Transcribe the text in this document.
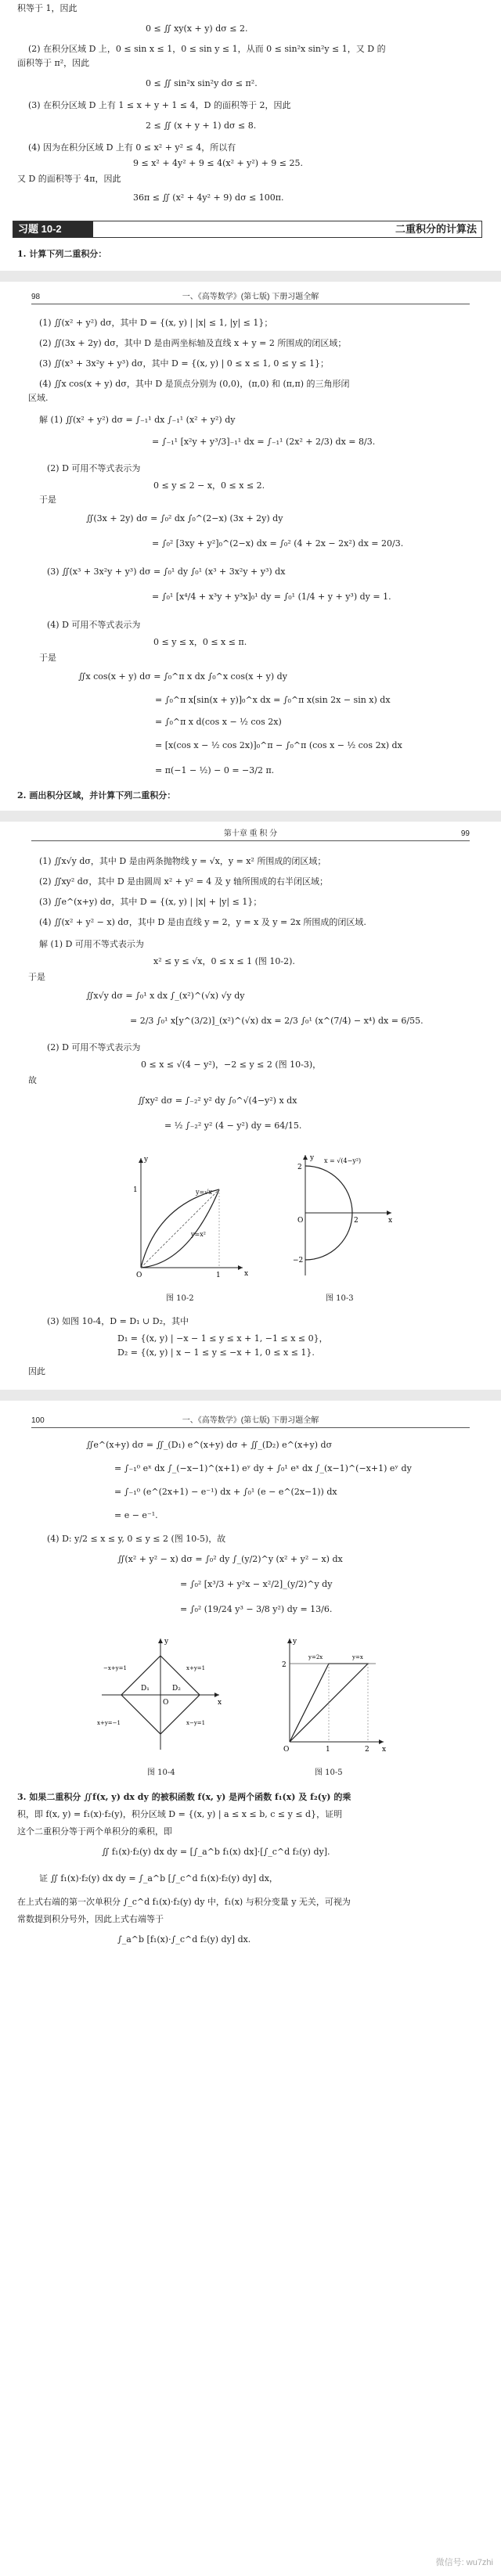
积等于 1，因此
0 ≤ ∬ xy(x + y) dσ ≤ 2.
(2) 在积分区域 D 上，0 ≤ sin x ≤ 1，0 ≤ sin y ≤ 1，从而 0 ≤ sin²x sin²y ≤ 1，又 D 的
面积等于 π²，因此
0 ≤ ∬ sin²x sin²y dσ ≤ π².
(3) 在积分区域 D 上有 1 ≤ x + y + 1 ≤ 4，D 的面积等于 2，因此
2 ≤ ∬ (x + y + 1) dσ ≤ 8.
(4) 因为在积分区域 D 上有 0 ≤ x² + y² ≤ 4，所以有
9 ≤ x² + 4y² + 9 ≤ 4(x² + y²) + 9 ≤ 25.
又 D 的面积等于 4π，因此
36π ≤ ∬ (x² + 4y² + 9) dσ ≤ 100π.
习题 10-2	二重积分的计算法
1. 计算下列二重积分：
98	一、《高等数学》(第七版) 下册习题全解
(1) ∬(x² + y²) dσ，其中 D = {(x, y) | |x| ≤ 1, |y| ≤ 1}；
(2) ∬(3x + 2y) dσ，其中 D 是由两坐标轴及直线 x + y = 2 所围成的闭区域；
(3) ∬(x³ + 3x²y + y³) dσ，其中 D = {(x, y) | 0 ≤ x ≤ 1, 0 ≤ y ≤ 1}；
(4) ∬x cos(x + y) dσ，其中 D 是顶点分别为 (0,0)，(π,0) 和 (π,π) 的三角形闭
区域.
解 (1) ∬(x² + y²) dσ = ∫₋₁¹ dx ∫₋₁¹ (x² + y²) dy
= ∫₋₁¹ [x²y + y³/3]₋₁¹ dx = ∫₋₁¹ (2x² + 2/3) dx = 8/3.
(2) D 可用不等式表示为
0 ≤ y ≤ 2 − x，0 ≤ x ≤ 2.
于是
∬(3x + 2y) dσ = ∫₀² dx ∫₀^(2−x) (3x + 2y) dy
= ∫₀² [3xy + y²]₀^(2−x) dx = ∫₀² (4 + 2x − 2x²) dx = 20/3.
(3) ∬(x³ + 3x²y + y³) dσ = ∫₀¹ dy ∫₀¹ (x³ + 3x²y + y³) dx
= ∫₀¹ [x⁴/4 + x³y + y³x]₀¹ dy = ∫₀¹ (1/4 + y + y³) dy = 1.
(4) D 可用不等式表示为
0 ≤ y ≤ x，0 ≤ x ≤ π.
于是
∬x cos(x + y) dσ = ∫₀^π x dx ∫₀^x cos(x + y) dy
= ∫₀^π x[sin(x + y)]₀^x dx = ∫₀^π x(sin 2x − sin x) dx
= ∫₀^π x d(cos x − ½ cos 2x)
= [x(cos x − ½ cos 2x)]₀^π − ∫₀^π (cos x − ½ cos 2x) dx
= π(−1 − ½) − 0 = −3/2 π.
2. 画出积分区域，并计算下列二重积分：
第十章 重 积 分	99
(1) ∬x√y dσ，其中 D 是由两条抛物线 y = √x，y = x² 所围成的闭区域；
(2) ∬xy² dσ，其中 D 是由圆周 x² + y² = 4 及 y 轴所围成的右半闭区域；
(3) ∬e^(x+y) dσ，其中 D = {(x, y) | |x| + |y| ≤ 1}；
(4) ∬(x² + y² − x) dσ，其中 D 是由直线 y = 2，y = x 及 y = 2x 所围成的闭区域.
解 (1) D 可用不等式表示为
x² ≤ y ≤ √x，0 ≤ x ≤ 1 (图 10-2).
于是
∬x√y dσ = ∫₀¹ x dx ∫_(x²)^(√x) √y dy
= 2/3 ∫₀¹ x[y^(3/2)]_(x²)^(√x) dx = 2/3 ∫₀¹ (x^(7/4) − x⁴) dx = 6/55.
(2) D 可用不等式表示为
0 ≤ x ≤ √(4 − y²)，−2 ≤ y ≤ 2 (图 10-3)，
故
∬xy² dσ = ∫₋₂² y² dy ∫₀^√(4−y²) x dx
= ½ ∫₋₂² y² (4 − y²) dy = 64/15.
O	x
y
1
1	y=√x
y=x²
图 10-2
O	x
y
2
−2
2
x = √(4−y²)
图 10-3
(3) 如图 10-4，D = D₁ ∪ D₂，其中
D₁ = {(x, y) | −x − 1 ≤ y ≤ x + 1, −1 ≤ x ≤ 0}，
D₂ = {(x, y) | x − 1 ≤ y ≤ −x + 1, 0 ≤ x ≤ 1}.
因此
100	一、《高等数学》(第七版) 下册习题全解
∬e^(x+y) dσ = ∬_(D₁) e^(x+y) dσ + ∬_(D₂) e^(x+y) dσ
= ∫₋₁⁰ eˣ dx ∫_(−x−1)^(x+1) eʸ dy + ∫₀¹ eˣ dx ∫_(x−1)^(−x+1) eʸ dy
= ∫₋₁⁰ (e^(2x+1) − e⁻¹) dx + ∫₀¹ (e − e^(2x−1)) dx
= e − e⁻¹.
(4) D: y/2 ≤ x ≤ y, 0 ≤ y ≤ 2 (图 10-5)，故
∬(x² + y² − x) dσ = ∫₀² dy ∫_(y/2)^y (x² + y² − x) dx
= ∫₀² [x³/3 + y²x − x²/2]_(y/2)^y dy
= ∫₀² (19/24 y³ − 3/8 y²) dy = 13/6.
O	x
y
D₁	D₂
−x+y=1	x+y=1
x+y=−1	x−y=1
图 10-4
O	x
y
2
1	2
y=2x	y=x
图 10-5
3. 如果二重积分 ∬f(x, y) dx dy 的被积函数 f(x, y) 是两个函数 f₁(x) 及 f₂(y) 的乘
积，即 f(x, y) = f₁(x)·f₂(y)，积分区域 D = {(x, y) | a ≤ x ≤ b, c ≤ y ≤ d}，证明
这个二重积分等于两个单积分的乘积，即
∬ f₁(x)·f₂(y) dx dy = [∫_a^b f₁(x) dx]·[∫_c^d f₂(y) dy].
证 ∬ f₁(x)·f₂(y) dx dy = ∫_a^b [∫_c^d f₁(x)·f₂(y) dy] dx，
在上式右端的第一次单积分 ∫_c^d f₁(x)·f₂(y) dy 中，f₁(x) 与积分变量 y 无关，可视为
常数提到积分号外，因此上式右端等于
∫_a^b [f₁(x)·∫_c^d f₂(y) dy] dx.
微信号: wu7zhi
